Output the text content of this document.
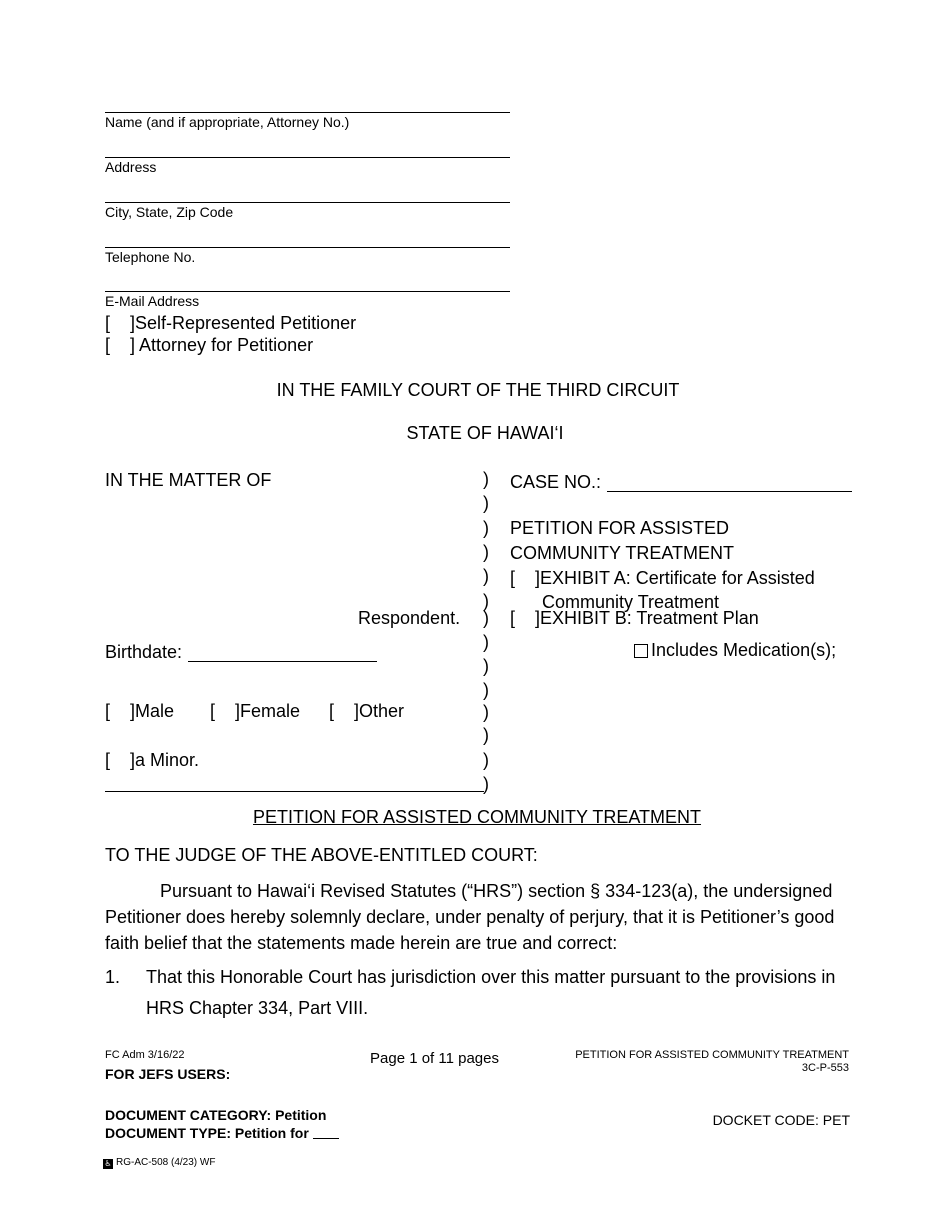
Name (and if appropriate, Attorney No.)
Address
City, State, Zip Code
Telephone No.
E-Mail Address
[    ]Self-Represented Petitioner
[    ] Attorney for Petitioner
IN THE FAMILY COURT OF THE THIRD CIRCUIT
STATE OF HAWAI‘I
IN THE MATTER OF
Respondent.
Birthdate:
[    ]Male [    ]Female [    ]Other
[    ]a Minor.
)
)
)
)
)
)
)
)
)
)
)
)
)
)
CASE NO.:
PETITION FOR ASSISTED
COMMUNITY TREATMENT
[    ]EXHIBIT A: Certificate for Assisted
Community Treatment
[    ]EXHIBIT B: Treatment Plan
Includes Medication(s);
PETITION FOR ASSISTED COMMUNITY TREATMENT
TO THE JUDGE OF THE ABOVE-ENTITLED COURT:
Pursuant to Hawai‘i Revised Statutes (“HRS”) section § 334-123(a), the undersigned Petitioner does hereby solemnly declare, under penalty of perjury, that it is Petitioner’s good faith belief that the statements made herein are true and correct:
1. That this Honorable Court has jurisdiction over this matter pursuant to the provisions in HRS Chapter 334, Part VIII.
FC Adm 3/16/22
FOR JEFS USERS:
Page 1 of 11 pages	PETITION FOR ASSISTED COMMUNITY TREATMENT
3C-P-553
DOCUMENT CATEGORY: Petition
DOCUMENT TYPE: Petition for
DOCKET CODE: PET
♿ RG-AC-508 (4/23) WF
